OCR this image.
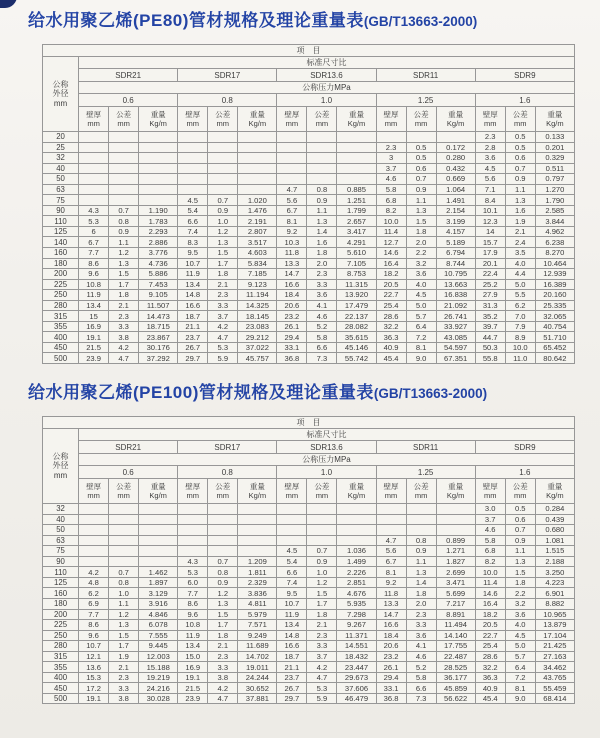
给水用聚乙烯(PE80)管材规格及理论重量表(GB/T13663-2000)
项　目															

公称
外径
mm	标准尺寸比														
	SDR21			SDR17			SDR13.6			SDR11			SDR9		
	公称压力MPa														
	0.6			0.8			1.0			1.25			1.6		

壁厚
mm

公差
mm

重量
Kg/m

壁厚
mm

公差
mm

重量
Kg/m

壁厚
mm

公差
mm

重量
Kg/m

壁厚
mm

公差
mm

重量
Kg/m

壁厚
mm

公差
mm

重量
Kg/m

20													2.3	0.5	0.133
25										2.3	0.5	0.172	2.8	0.5	0.201
32										3	0.5	0.280	3.6	0.6	0.329
40										3.7	0.6	0.432	4.5	0.7	0.511
50										4.6	0.7	0.669	5.6	0.9	0.797
63							4.7	0.8	0.885	5.8	0.9	1.064	7.1	1.1	1.270
75				4.5	0.7	1.020	5.6	0.9	1.251	6.8	1.1	1.491	8.4	1.3	1.790
90	4.3	0.7	1.190	5.4	0.9	1.476	6.7	1.1	1.799	8.2	1.3	2.154	10.1	1.6	2.585
110	5.3	0.8	1.783	6.6	1.0	2.191	8.1	1.3	2.657	10.0	1.5	3.199	12.3	1.9	3.844
125	6	0.9	2.293	7.4	1.2	2.807	9.2	1.4	3.417	11.4	1.8	4.157	14	2.1	4.962
140	6.7	1.1	2.886	8.3	1.3	3.517	10.3	1.6	4.291	12.7	2.0	5.189	15.7	2.4	6.238
160	7.7	1.2	3.776	9.5	1.5	4.603	11.8	1.8	5.610	14.6	2.2	6.794	17.9	3.5	8.270
180	8.6	1.3	4.736	10.7	1.7	5.834	13.3	2.0	7.105	16.4	3.2	8.744	20.1	4.0	10.464
200	9.6	1.5	5.886	11.9	1.8	7.185	14.7	2.3	8.753	18.2	3.6	10.795	22.4	4.4	12.939
225	10.8	1.7	7.453	13.4	2.1	9.123	16.6	3.3	11.315	20.5	4.0	13.663	25.2	5.0	16.389
250	11.9	1.8	9.105	14.8	2.3	11.194	18.4	3.6	13.920	22.7	4.5	16.838	27.9	5.5	20.160
280	13.4	2.1	11.507	16.6	3.3	14.325	20.6	4.1	17.479	25.4	5.0	21.092	31.3	6.2	25.335
315	15	2.3	14.473	18.7	3.7	18.145	23.2	4.6	22.137	28.6	5.7	26.741	35.2	7.0	32.065
355	16.9	3.3	18.715	21.1	4.2	23.083	26.1	5.2	28.082	32.2	6.4	33.927	39.7	7.9	40.754
400	19.1	3.8	23.867	23.7	4.7	29.212	29.4	5.8	35.615	36.3	7.2	43.085	44.7	8.9	51.710
450	21.5	4.2	30.176	26.7	5.3	37.022	33.1	6.6	45.146	40.9	8.1	54.597	50.3	10.0	65.452
500	23.9	4.7	37.292	29.7	5.9	45.757	36.8	7.3	55.742	45.4	9.0	67.351	55.8	11.0	80.642
给水用聚乙烯(PE100)管材规格及理论重量表(GB/T13663-2000)
项　目															

公称
外径
mm	标准尺寸比														
	SDR21			SDR17			SDR13.6			SDR11			SDR9		
	公称压力MPa														
	0.6			0.8			1.0			1.25			1.6		

壁厚
mm

公差
mm

重量
Kg/m

壁厚
mm

公差
mm

重量
Kg/m

壁厚
mm

公差
mm

重量
Kg/m

壁厚
mm

公差
mm

重量
Kg/m

壁厚
mm

公差
mm

重量
Kg/m

32													3.0	0.5	0.284
40													3.7	0.6	0.439
50													4.6	0.7	0.680
63										4.7	0.8	0.899	5.8	0.9	1.081
75							4.5	0.7	1.036	5.6	0.9	1.271	6.8	1.1	1.515
90				4.3	0.7	1.209	5.4	0.9	1.499	6.7	1.1	1.827	8.2	1.3	2.188
110	4.2	0.7	1.462	5.3	0.8	1.811	6.6	1.0	2.226	8.1	1.3	2.699	10.0	1.5	3.250
125	4.8	0.8	1.897	6.0	0.9	2.329	7.4	1.2	2.851	9.2	1.4	3.471	11.4	1.8	4.223
160	6.2	1.0	3.129	7.7	1.2	3.836	9.5	1.5	4.676	11.8	1.8	5.699	14.6	2.2	6.901
180	6.9	1.1	3.916	8.6	1.3	4.811	10.7	1.7	5.935	13.3	2.0	7.217	16.4	3.2	8.882
200	7.7	1.2	4.846	9.6	1.5	5.979	11.9	1.8	7.298	14.7	2.3	8.891	18.2	3.6	10.965
225	8.6	1.3	6.078	10.8	1.7	7.571	13.4	2.1	9.267	16.6	3.3	11.494	20.5	4.0	13.879
250	9.6	1.5	7.555	11.9	1.8	9.249	14.8	2.3	11.371	18.4	3.6	14.140	22.7	4.5	17.104
280	10.7	1.7	9.445	13.4	2.1	11.689	16.6	3.3	14.551	20.6	4.1	17.755	25.4	5.0	21.425
315	12.1	1.9	12.003	15.0	2.3	14.702	18.7	3.7	18.432	23.2	4.6	22.487	28.6	5.7	27.163
355	13.6	2.1	15.188	16.9	3.3	19.011	21.1	4.2	23.447	26.1	5.2	28.525	32.2	6.4	34.462
400	15.3	2.3	19.219	19.1	3.8	24.244	23.7	4.7	29.673	29.4	5.8	36.177	36.3	7.2	43.765
450	17.2	3.3	24.216	21.5	4.2	30.652	26.7	5.3	37.606	33.1	6.6	45.859	40.9	8.1	55.459
500	19.1	3.8	30.028	23.9	4.7	37.881	29.7	5.9	46.479	36.8	7.3	56.622	45.4	9.0	68.414
